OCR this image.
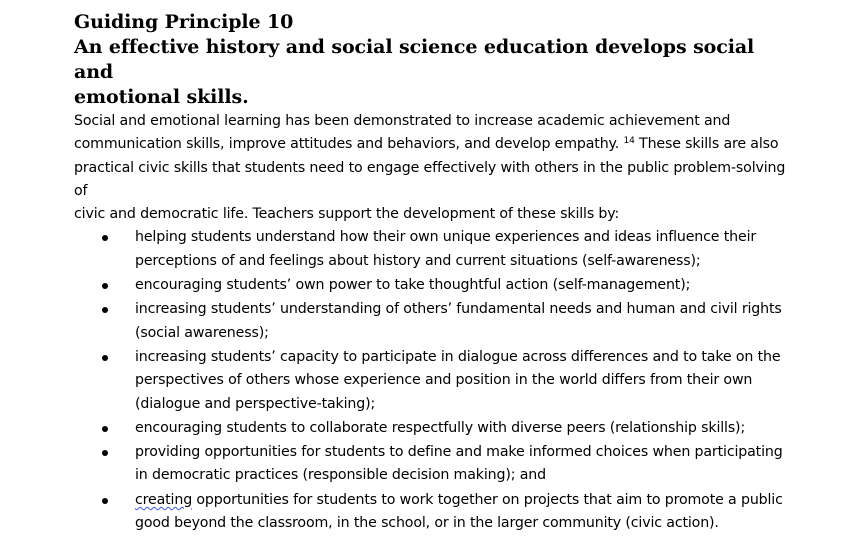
Guiding Principle 10
An effective history and social science education develops social and
emotional skills.
Social and emotional learning has been demonstrated to increase academic achievement and
communication skills, improve attitudes and behaviors, and develop empathy. $^{14}$ These skills are also
practical civic skills that students need to engage effectively with others in the public problem-solving of
civic and democratic life. Teachers support the development of these skills by:
helping students understand how their own unique experiences and ideas influence their
perceptions of and feelings about history and current situations (self-awareness);
encouraging students’ own power to take thoughtful action (self-management);
increasing students’ understanding of others’ fundamental needs and human and civil rights
(social awareness);
increasing students’ capacity to participate in dialogue across differences and to take on the
perspectives of others whose experience and position in the world differs from their own
(dialogue and perspective-taking);
encouraging students to collaborate respectfully with diverse peers (relationship skills);
providing opportunities for students to define and make informed choices when participating
in democratic practices (responsible decision making); and
creating opportunities for students to work together on projects that aim to promote a public
good beyond the classroom, in the school, or in the larger community (civic action).
